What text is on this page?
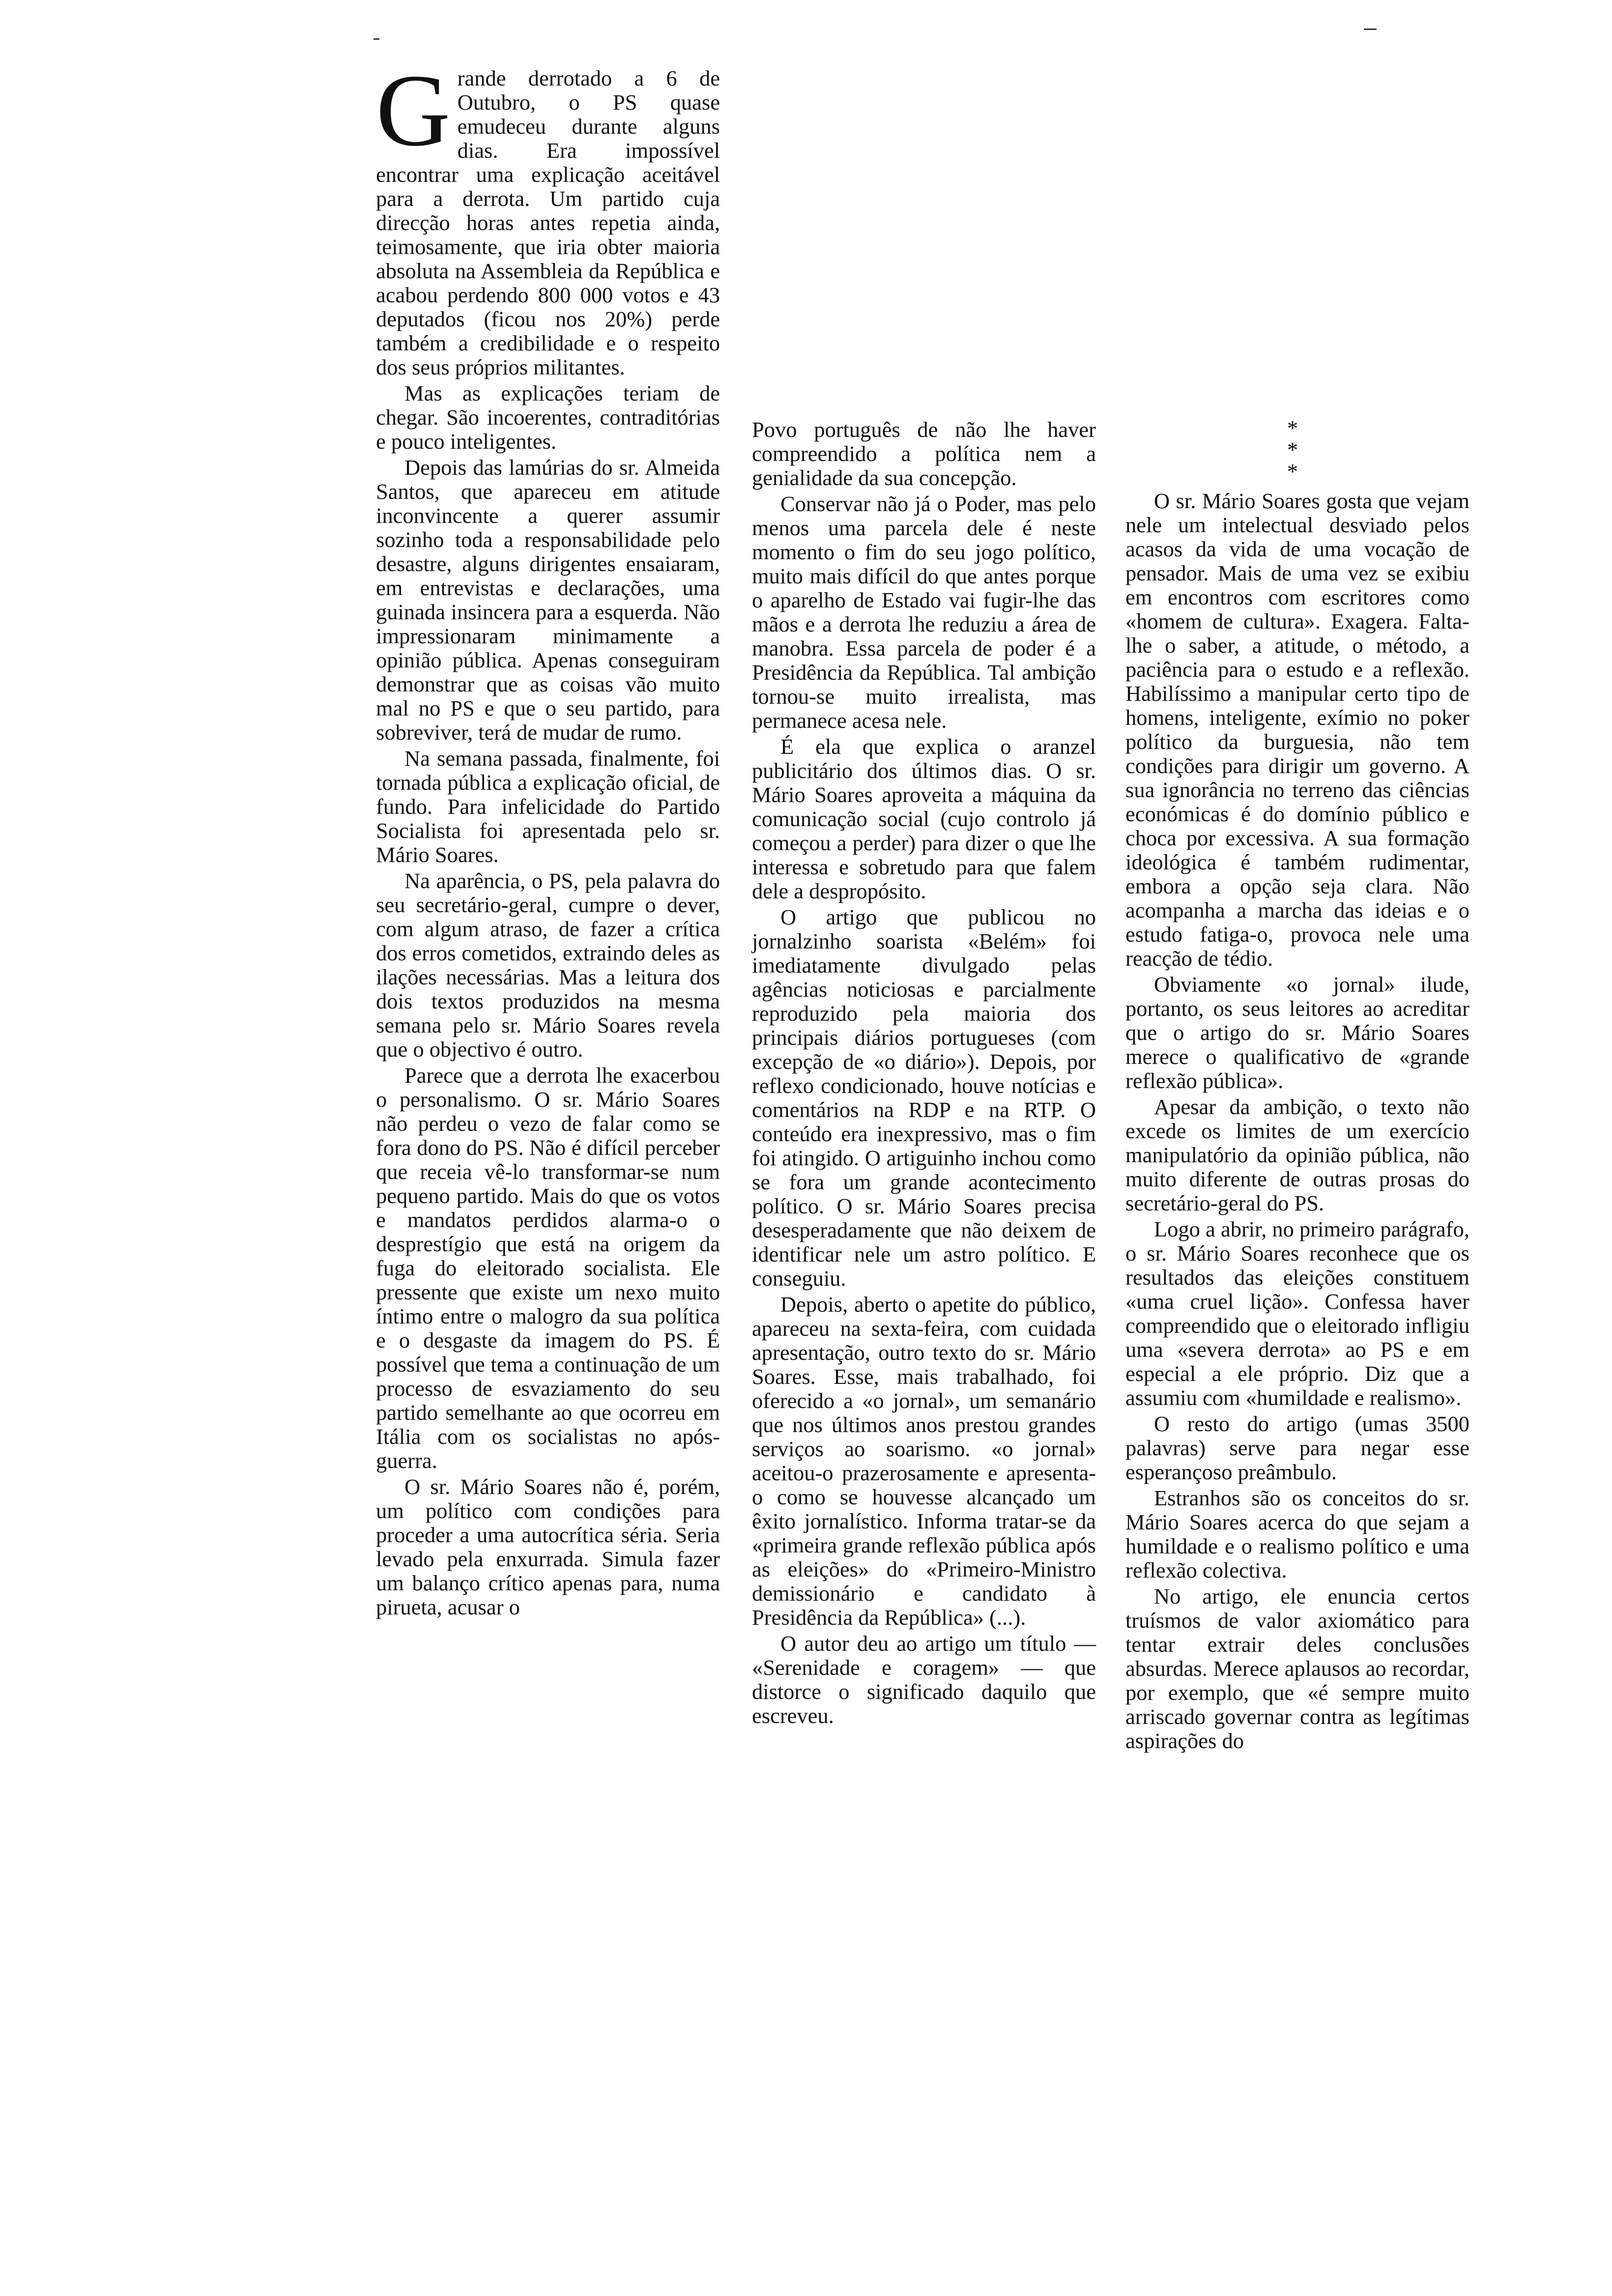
Grande derrotado a 6 de Outubro, o PS quase emudeceu durante alguns dias. Era impossível encontrar uma explicação aceitável para a derrota. Um partido cuja direcção horas antes repetia ainda, teimosamente, que iria obter maioria absoluta na Assembleia da República e acabou perdendo 800 000 votos e 43 deputados (ficou nos 20%) perde também a credibilidade e o respeito dos seus próprios militantes.

Mas as explicações teriam de chegar. São incoerentes, contraditórias e pouco inteligentes.

Depois das lamúrias do sr. Almeida Santos, que apareceu em atitude inconvincente a querer assumir sozinho toda a responsabilidade pelo desastre, alguns dirigentes ensaiaram, em entrevistas e declarações, uma guinada insincera para a esquerda. Não impressionaram minimamente a opinião pública. Apenas conseguiram demonstrar que as coisas vão muito mal no PS e que o seu partido, para sobreviver, terá de mudar de rumo.

Na semana passada, finalmente, foi tornada pública a explicação oficial, de fundo. Para infelicidade do Partido Socialista foi apresentada pelo sr. Mário Soares.

Na aparência, o PS, pela palavra do seu secretário-geral, cumpre o dever, com algum atraso, de fazer a crítica dos erros cometidos, extraindo deles as ilações necessárias. Mas a leitura dos dois textos produzidos na mesma semana pelo sr. Mário Soares revela que o objectivo é outro.

Parece que a derrota lhe exacerbou o personalismo. O sr. Mário Soares não perdeu o vezo de falar como se fora dono do PS. Não é difícil perceber que receia vê-lo transformar-se num pequeno partido. Mais do que os votos e mandatos perdidos alarma-o o desprestígio que está na origem da fuga do eleitorado socialista. Ele pressente que existe um nexo muito íntimo entre o malogro da sua política e o desgaste da imagem do PS. É possível que tema a continuação de um processo de esvaziamento do seu partido semelhante ao que ocorreu em Itália com os socialistas no após-guerra.

O sr. Mário Soares não é, porém, um político com condições para proceder a uma autocrítica séria. Seria levado pela enxurrada. Simula fazer um balanço crítico apenas para, numa pirueta, acusar o

Povo português de não lhe haver compreendido a política nem a genialidade da sua concepção.

Conservar não já o Poder, mas pelo menos uma parcela dele é neste momento o fim do seu jogo político, muito mais difícil do que antes porque o aparelho de Estado vai fugir-lhe das mãos e a derrota lhe reduziu a área de manobra. Essa parcela de poder é a Presidência da República. Tal ambição tornou-se muito irrealista, mas permanece acesa nele.

É ela que explica o aranzel publicitário dos últimos dias. O sr. Mário Soares aproveita a máquina da comunicação social (cujo controlo já começou a perder) para dizer o que lhe interessa e sobretudo para que falem dele a despropósito.

O artigo que publicou no jornalzinho soarista «Belém» foi imediatamente divulgado pelas agências noticiosas e parcialmente reproduzido pela maioria dos principais diários portugueses (com excepção de «o diário»). Depois, por reflexo condicionado, houve notícias e comentários na RDP e na RTP. O conteúdo era inexpressivo, mas o fim foi atingido. O artiguinho inchou como se fora um grande acontecimento político. O sr. Mário Soares precisa desesperadamente que não deixem de identificar nele um astro político. E conseguiu.

Depois, aberto o apetite do público, apareceu na sexta-feira, com cuidada apresentação, outro texto do sr. Mário Soares. Esse, mais trabalhado, foi oferecido a «o jornal», um semanário que nos últimos anos prestou grandes serviços ao soarismo. «o jornal» aceitou-o prazerosamente e apresenta-o como se houvesse alcançado um êxito jornalístico. Informa tratar-se da «primeira grande reflexão pública após as eleições» do «Primeiro-Ministro demissionário e candidato à Presidência da República» (...).

O autor deu ao artigo um título — «Serenidade e coragem» — que distorce o significado daquilo que escreveu.

*
* *

O sr. Mário Soares gosta que vejam nele um intelectual desviado pelos acasos da vida de uma vocação de pensador. Mais de uma vez se exibiu em encontros com escritores como «homem de cultura». Exagera. Falta-lhe o saber, a atitude, o método, a paciência para o estudo e a reflexão. Habilíssimo a manipular certo tipo de homens, inteligente, exímio no poker político da burguesia, não tem condições para dirigir um governo. A sua ignorância no terreno das ciências económicas é do domínio público e choca por excessiva. A sua formação ideológica é também rudimentar, embora a opção seja clara. Não acompanha a marcha das ideias e o estudo fatiga-o, provoca nele uma reacção de tédio.

Obviamente «o jornal» ilude, portanto, os seus leitores ao acreditar que o artigo do sr. Mário Soares merece o qualificativo de «grande reflexão pública».

Apesar da ambição, o texto não excede os limites de um exercício manipulatório da opinião pública, não muito diferente de outras prosas do secretário-geral do PS.

Logo a abrir, no primeiro parágrafo, o sr. Mário Soares reconhece que os resultados das eleições constituem «uma cruel lição». Confessa haver compreendido que o eleitorado infligiu uma «severa derrota» ao PS e em especial a ele próprio. Diz que a assumiu com «humildade e realismo».

O resto do artigo (umas 3500 palavras) serve para negar esse esperançoso preâmbulo.

Estranhos são os conceitos do sr. Mário Soares acerca do que sejam a humildade e o realismo político e uma reflexão colectiva.

No artigo, ele enuncia certos truísmos de valor axiomático para tentar extrair deles conclusões absurdas. Merece aplausos ao recordar, por exemplo, que «é sempre muito arriscado governar contra as legítimas aspirações do
